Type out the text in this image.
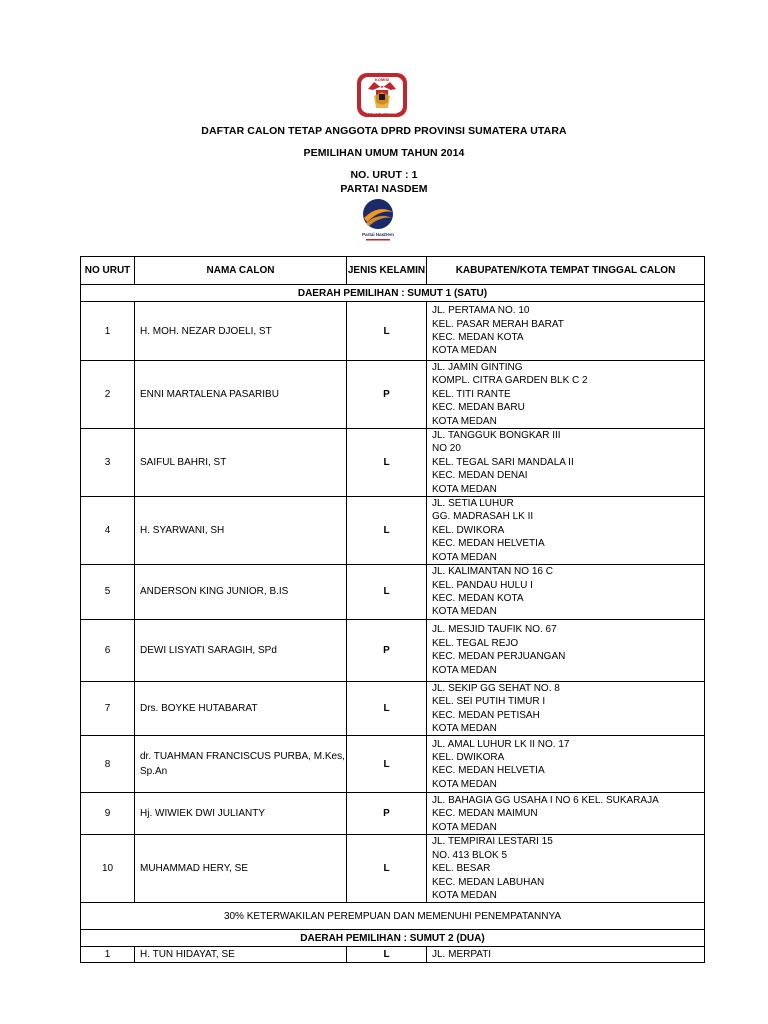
KOMISI
PEMILIHAN UMUM
DAFTAR CALON TETAP ANGGOTA DPRD PROVINSI SUMATERA UTARA
PEMILIHAN UMUM TAHUN 2014
NO. URUT : 1
PARTAI NASDEM
Partai NasDem
NO URUT	NAMA CALON	JENIS KELAMIN	KABUPATEN/KOTA TEMPAT TINGGAL CALON
DAERAH PEMILIHAN : SUMUT 1 (SATU)			
1	H. MOH. NEZAR DJOELI, ST	L	JL. PERTAMA NO. 10
KEL. PASAR MERAH BARAT
KEC. MEDAN KOTA
KOTA MEDAN

2	ENNI MARTALENA PASARIBU	P	JL. JAMIN GINTING
KOMPL. CITRA GARDEN BLK C 2
KEL. TITI RANTE
KEC. MEDAN BARU
KOTA MEDAN

3	SAIFUL BAHRI, ST	L	JL. TANGGUK BONGKAR III
NO 20
KEL. TEGAL SARI MANDALA II
KEC. MEDAN DENAI
KOTA MEDAN

4	H. SYARWANI, SH	L	JL. SETIA LUHUR
GG. MADRASAH LK II
KEL. DWIKORA
KEC. MEDAN HELVETIA
KOTA MEDAN

5	ANDERSON KING JUNIOR, B.IS	L	JL. KALIMANTAN NO 16 C
KEL. PANDAU HULU I
KEC. MEDAN KOTA
KOTA MEDAN

6	DEWI LISYATI SARAGIH, SPd	P	JL. MESJID TAUFIK NO. 67
KEL. TEGAL REJO
KEC. MEDAN PERJUANGAN
KOTA MEDAN

7	Drs. BOYKE HUTABARAT	L	JL. SEKIP GG SEHAT NO. 8
KEL. SEI PUTIH TIMUR I
KEC. MEDAN PETISAH
KOTA MEDAN

8	dr. TUAHMAN FRANCISCUS PURBA, M.Kes, Sp.An	L	JL. AMAL LUHUR LK II NO. 17
KEL. DWIKORA
KEC. MEDAN HELVETIA
KOTA MEDAN

9	Hj. WIWIEK DWI JULIANTY	P	JL. BAHAGIA GG USAHA I NO 6 KEL. SUKARAJA
KEC. MEDAN MAIMUN
KOTA MEDAN

10	MUHAMMAD HERY, SE	L	JL. TEMPIRAI LESTARI 15
NO. 413 BLOK 5
KEL. BESAR
KEC. MEDAN LABUHAN
KOTA MEDAN

30% KETERWAKILAN PEREMPUAN DAN MEMENUHI PENEMPATANNYA			
DAERAH PEMILIHAN : SUMUT 2 (DUA)			
1	H. TUN HIDAYAT, SE	L	JL. MERPATI
